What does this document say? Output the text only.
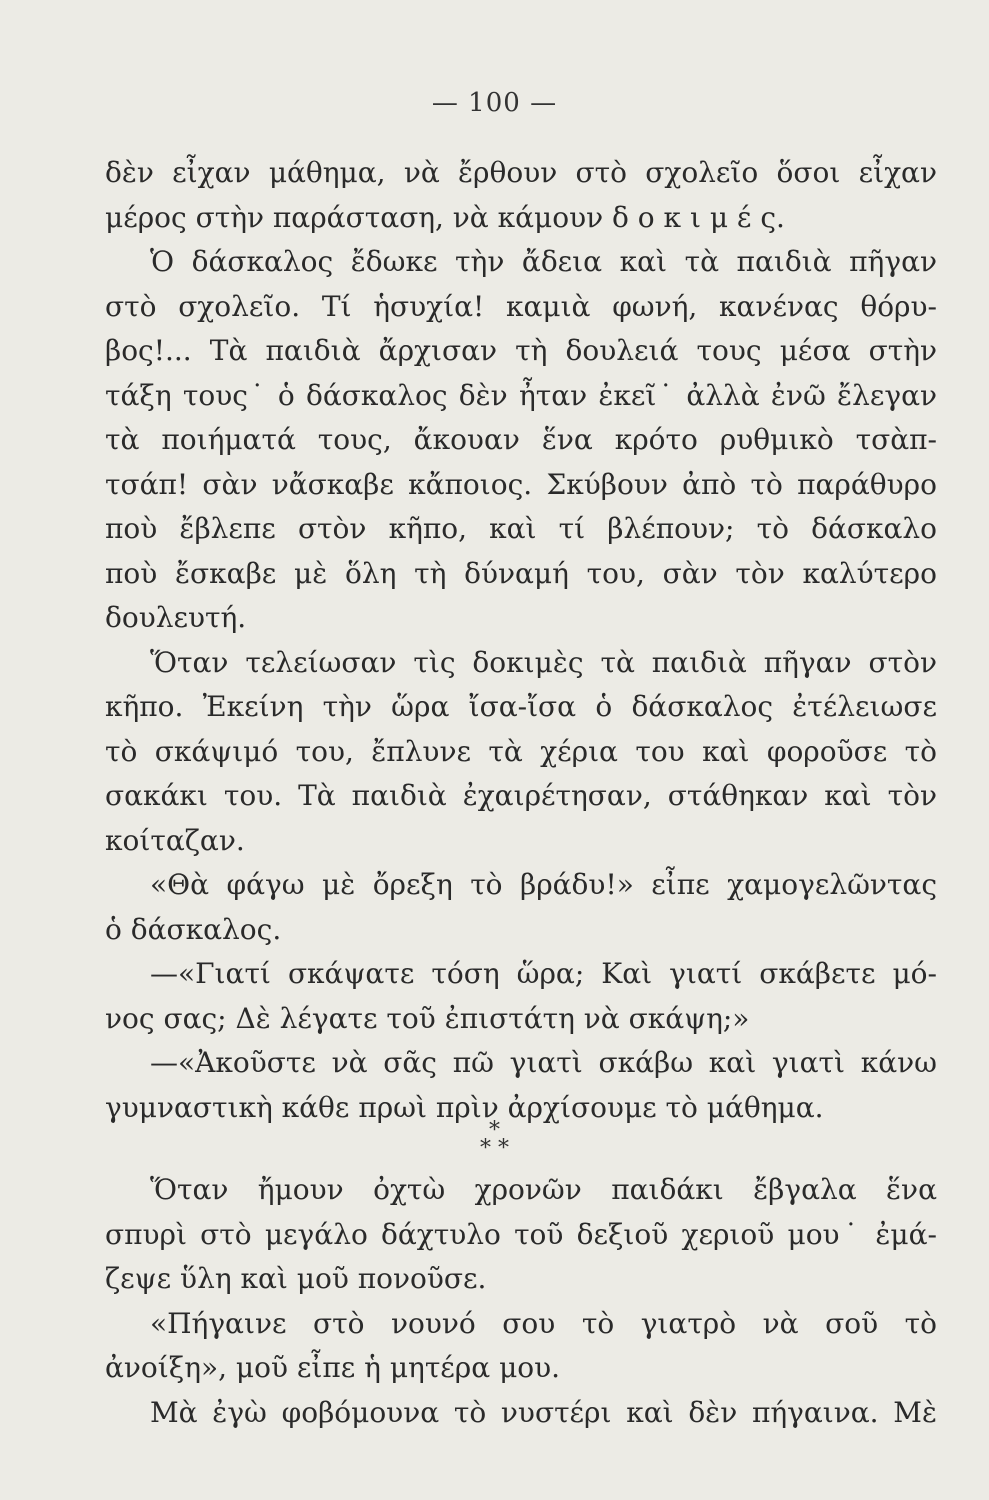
— 100 —
δὲν εἶχαν μάθημα, νὰ ἔρθουν στὸ σχολεῖο ὅσοι εἶχαν
μέρος στὴν παράσταση, νὰ κάμουν δ ο κ ι μ έ ς.
Ὁ δάσκαλος ἔδωκε τὴν ἄδεια καὶ τὰ παιδιὰ πῆγαν
στὸ σχολεῖο. Τί ἡσυχία! καμιὰ φωνή, κανένας θόρυ-
βος!... Τὰ παιδιὰ ἄρχισαν τὴ δουλειά τους μέσα στὴν
τάξη τους˙ ὁ δάσκαλος δὲν ἦταν ἐκεῖ˙ ἀλλὰ ἐνῶ ἔλεγαν
τὰ ποιήματά τους, ἄκουαν ἕνα κρότο ρυθμικὸ τσὰπ-
τσάπ! σὰν νἄσκαβε κἄποιος. Σκύβουν ἀπὸ τὸ παράθυρο
ποὺ ἔβλεπε στὸν κῆπο, καὶ τί βλέπουν; τὸ δάσκαλο
ποὺ ἔσκαβε μὲ ὅλη τὴ δύναμή του, σὰν τὸν καλύτερο
δουλευτή.
Ὅταν τελείωσαν τὶς δοκιμὲς τὰ παιδιὰ πῆγαν στὸν
κῆπο. Ἐκείνη τὴν ὥρα ἴσα-ἴσα ὁ δάσκαλος ἐτέλειωσε
τὸ σκάψιμό του, ἔπλυνε τὰ χέρια του καὶ φοροῦσε τὸ
σακάκι του. Τὰ παιδιὰ ἐχαιρέτησαν, στάθηκαν καὶ τὸν
κοίταζαν.
«Θὰ φάγω μὲ ὄρεξη τὸ βράδυ!» εἶπε χαμογελῶντας
ὁ δάσκαλος.
—«Γιατί σκάψατε τόση ὥρα; Καὶ γιατί σκάβετε μό-
νος σας; Δὲ λέγατε τοῦ ἐπιστάτη νὰ σκάψη;»
—«Ἀκοῦστε νὰ σᾶς πῶ γιατὶ σκάβω καὶ γιατὶ κάνω
γυμναστικὴ κάθε πρωὶ πρὶν ἀρχίσουμε τὸ μάθημα.
*
* *
Ὅταν ἤμουν ὀχτὼ χρονῶν παιδάκι ἔβγαλα ἕνα
σπυρὶ στὸ μεγάλο δάχτυλο τοῦ δεξιοῦ χεριοῦ μου˙ ἐμά-
ζεψε ὕλη καὶ μοῦ πονοῦσε.
«Πήγαινε στὸ νουνό σου τὸ γιατρὸ νὰ σοῦ τὸ
ἀνοίξη», μοῦ εἶπε ἡ μητέρα μου.
Μὰ ἐγὼ φοβόμουνα τὸ νυστέρι καὶ δὲν πήγαινα. Μὲ
